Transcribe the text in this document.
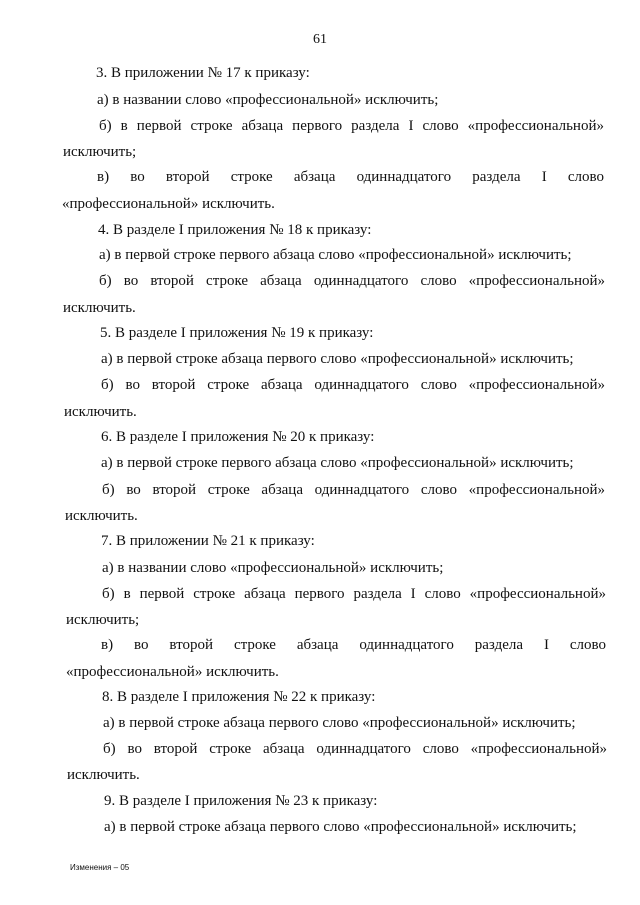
61
3. В приложении № 17 к приказу:
а) в названии слово «профессиональной» исключить;
б) в первой строке абзаца первого раздела I слово «профессиональной»
исключить;
в) во второй строке абзаца одиннадцатого раздела I слово
«профессиональной» исключить.
4. В разделе I приложения № 18 к приказу:
а) в первой строке первого абзаца слово «профессиональной» исключить;
б) во второй строке абзаца одиннадцатого слово «профессиональной»
исключить.
5. В разделе I приложения № 19 к приказу:
а) в первой строке абзаца первого слово «профессиональной» исключить;
б) во второй строке абзаца одиннадцатого слово «профессиональной»
исключить.
6. В разделе I приложения № 20 к приказу:
а) в первой строке первого абзаца слово «профессиональной» исключить;
б) во второй строке абзаца одиннадцатого слово «профессиональной»
исключить.
7. В приложении № 21 к приказу:
а) в названии слово «профессиональной» исключить;
б) в первой строке абзаца первого раздела I слово «профессиональной»
исключить;
в) во второй строке абзаца одиннадцатого раздела I слово
«профессиональной» исключить.
8. В разделе I приложения № 22 к приказу:
а) в первой строке абзаца первого слово «профессиональной» исключить;
б) во второй строке абзаца одиннадцатого слово «профессиональной»
исключить.
9. В разделе I приложения № 23 к приказу:
а) в первой строке абзаца первого слово «профессиональной» исключить;
Изменения – 05
